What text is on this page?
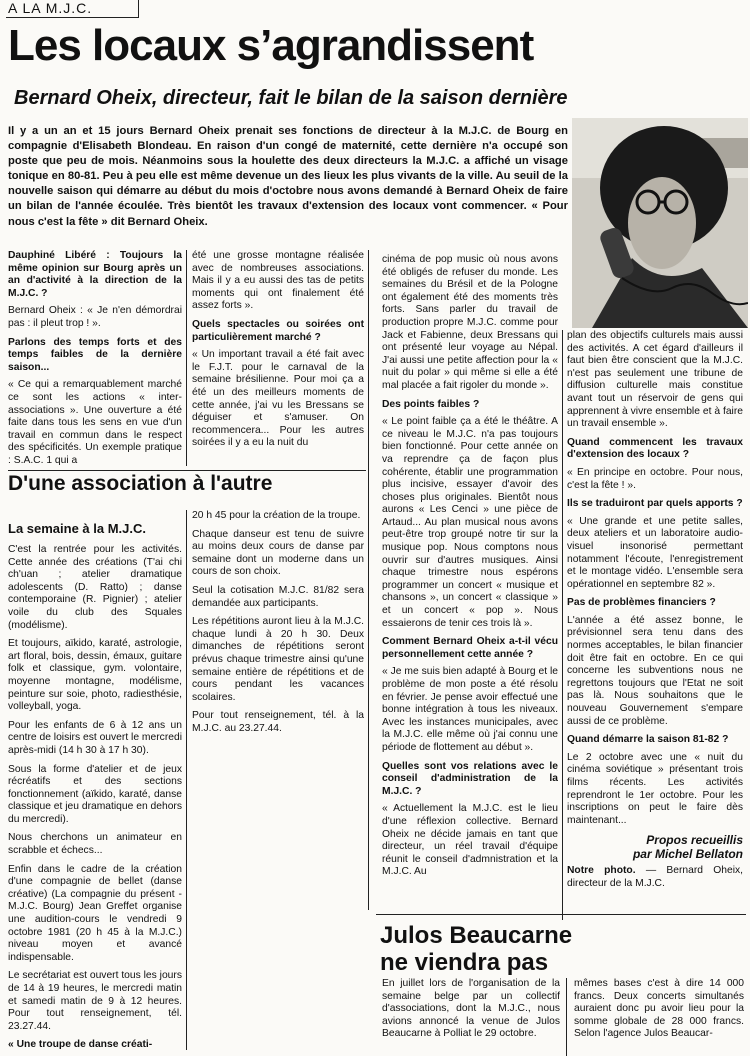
A LA M.J.C.
Les locaux s’agrandissent
Bernard Oheix, directeur, fait le bilan de la saison dernière

Il y a un an et 15 jours Bernard Oheix prenait ses fonctions de directeur à la M.J.C. de Bourg en compagnie d'Elisabeth Blondeau. En raison d'un congé de maternité, cette dernière n'a occupé son poste que peu de mois. Néanmoins sous la houlette des deux directeurs la M.J.C. a affiché un visage tonique en 80-81. Peu à peu elle est même devenue un des lieux les plus vivants de la ville. Au seuil de la nouvelle saison qui démarre au début du mois d'octobre nous avons demandé à Bernard Oheix de faire un bilan de l'année écoulée. Très bientôt les travaux d'extension des locaux vont commencer. « Pour nous c'est la fête » dit Bernard Oheix.

Dauphiné Libéré : Toujours la même opinion sur Bourg après un an d'activité à la direction de la M.J.C. ?

Bernard Oheix : « Je n'en démordrai pas : il pleut trop ! ».

Parlons des temps forts et des temps faibles de la dernière saison...

« Ce qui a remarquablement marché ce sont les actions « inter-associations ». Une ouverture a été faite dans tous les sens en vue d'un travail en commun dans le respect des spécificités. Un exemple pratique : S.A.C. 1 qui a

été une grosse montagne réalisée avec de nombreuses associations. Mais il y a eu aussi des tas de petits moments qui ont finalement été assez forts ».

Quels spectacles ou soirées ont particulièrement marché ?

« Un important travail a été fait avec le F.J.T. pour le carnaval de la semaine brésilienne. Pour moi ça a été un des meilleurs moments de cette année, j'ai vu les Bressans se déguiser et s'amuser. On recommencera... Pour les autres soirées il y a eu la nuit du

D'une association à l'autre

La semaine à la M.J.C.

C'est la rentrée pour les activités. Cette année des créations (T'ai chi ch'uan ; atelier dramatique adolescents (D. Ratto) ; danse contemporaine (R. Pignier) ; atelier voile du club des Squales (modélisme).

Et toujours, aïkido, karaté, astrologie, art floral, bois, dessin, émaux, guitare folk et classique, gym. volontaire, moyenne montagne, modélisme, peinture sur soie, photo, radiesthésie, volleyball, yoga.

Pour les enfants de 6 à 12 ans un centre de loisirs est ouvert le mercredi après-midi (14 h 30 à 17 h 30).

Sous la forme d'atelier et de jeux récréatifs et des sections fonctionnement (aïkido, karaté, danse classique et jeu dramatique en dehors du mercredi).

Nous cherchons un animateur en scrabble et échecs...

Enfin dans le cadre de la création d'une compagnie de bellet (danse créative) (La compagnie du présent - M.J.C. Bourg) Jean Greffet organise une audition-cours le vendredi 9 octobre 1981 (20 h 45 à la M.J.C.) niveau moyen et avancé indispensable.

Le secrétariat est ouvert tous les jours de 14 à 19 heures, le mercredi matin et samedi matin de 9 à 12 heures. Pour tout renseignement, tél. 23.27.44.

« Une troupe de danse créati-

20 h 45 pour la création de la troupe.

Chaque danseur est tenu de suivre au moins deux cours de danse par semaine dont un moderne dans un cours de son choix.

Seul la cotisation M.J.C. 81/82 sera demandée aux participants.

Les répétitions auront lieu à la M.J.C. chaque lundi à 20 h 30. Deux dimanches de répétitions seront prévus chaque trimestre ainsi qu'une semaine entière de répétitions et de cours pendant les vacances scolaires.

Pour tout renseignement, tél. à la M.J.C. au 23.27.44.

cinéma de pop music où nous avons été obligés de refuser du monde. Les semaines du Brésil et de la Pologne ont également été des moments très forts. Sans parler du travail de production propre M.J.C. comme pour Jack et Fabienne, deux Bressans qui ont présenté leur voyage au Népal. J'ai aussi une petite affection pour la « nuit du polar » qui même si elle a été mal placée a fait rigoler du monde ».

Des points faibles ?

« Le point faible ça a été le théâtre. A ce niveau le M.J.C. n'a pas toujours bien fonctionné. Pour cette année on va reprendre ça de façon plus cohérente, établir une programmation plus incisive, essayer d'avoir des choses plus originales. Bientôt nous aurons « Les Cenci » une pièce de Artaud... Au plan musical nous avons peut-être trop groupé notre tir sur la musique pop. Nous comptons nous ouvrir sur d'autres musiques. Ainsi chaque trimestre nous espérons programmer un concert « musique et chansons », un concert « classique » et un concert « pop ». Nous essaierons de tenir ces trois là ».

Comment Bernard Oheix a-t-il vécu personnellement cette année ?

« Je me suis bien adapté à Bourg et le problème de mon poste a été résolu en février. Je pense avoir effectué une bonne intégration à tous les niveaux. Avec les instances municipales, avec la M.J.C. elle même où j'ai connu une période de flottement au début ».

Quelles sont vos relations avec le conseil d'administration de la M.J.C. ?

« Actuellement la M.J.C. est le lieu d'une réflexion collective. Bernard Oheix ne décide jamais en tant que directeur, un réel travail d'équipe réunit le conseil d'admnistration et la M.J.C. Au

plan des objectifs culturels mais aussi des activités. A cet égard d'ailleurs il faut bien être conscient que la M.J.C. n'est pas seulement une tribune de diffusion culturelle mais constitue avant tout un réservoir de gens qui apprennent à vivre ensemble et à faire un travail ensemble ».

Quand commencent les travaux d'extension des locaux ?

« En principe en octobre. Pour nous, c'est la fête ! ».

Ils se traduiront par quels apports ?

« Une grande et une petite salles, deux ateliers et un laboratoire audio-visuel insonorisé permettant notamment l'écoute, l'enregistrement et le montage vidéo. L'ensemble sera opérationnel en septembre 82 ».

Pas de problèmes financiers ?

L'année a été assez bonne, le prévisionnel sera tenu dans des normes acceptables, le bilan financier doit être fait en octobre. En ce qui concerne les subventions nous ne regrettons toujours que l'Etat ne soit pas là. Nous souhaitons que le nouveau Gouvernement s'empare aussi de ce problème.

Quand démarre la saison 81-82 ?

Le 2 octobre avec une « nuit du cinéma soviétique » présentant trois films récents. Les activités reprendront le 1er octobre. Pour les inscriptions on peut le faire dès maintenant...

Propos recueillis
par Michel Bellaton

Notre photo. — Bernard Oheix, directeur de la M.J.C.

Julos Beaucarne
ne viendra pas

En juillet lors de l'organisation de la semaine belge par un collectif d'associations, dont la M.J.C., nous avions annoncé la venue de Julos Beaucarne à Polliat le 29 octobre.

mêmes bases c'est à dire 14 000 francs. Deux concerts simultanés auraient donc pu avoir lieu pour la somme globale de 28 000 francs. Selon l'agence Julos Beaucar-
